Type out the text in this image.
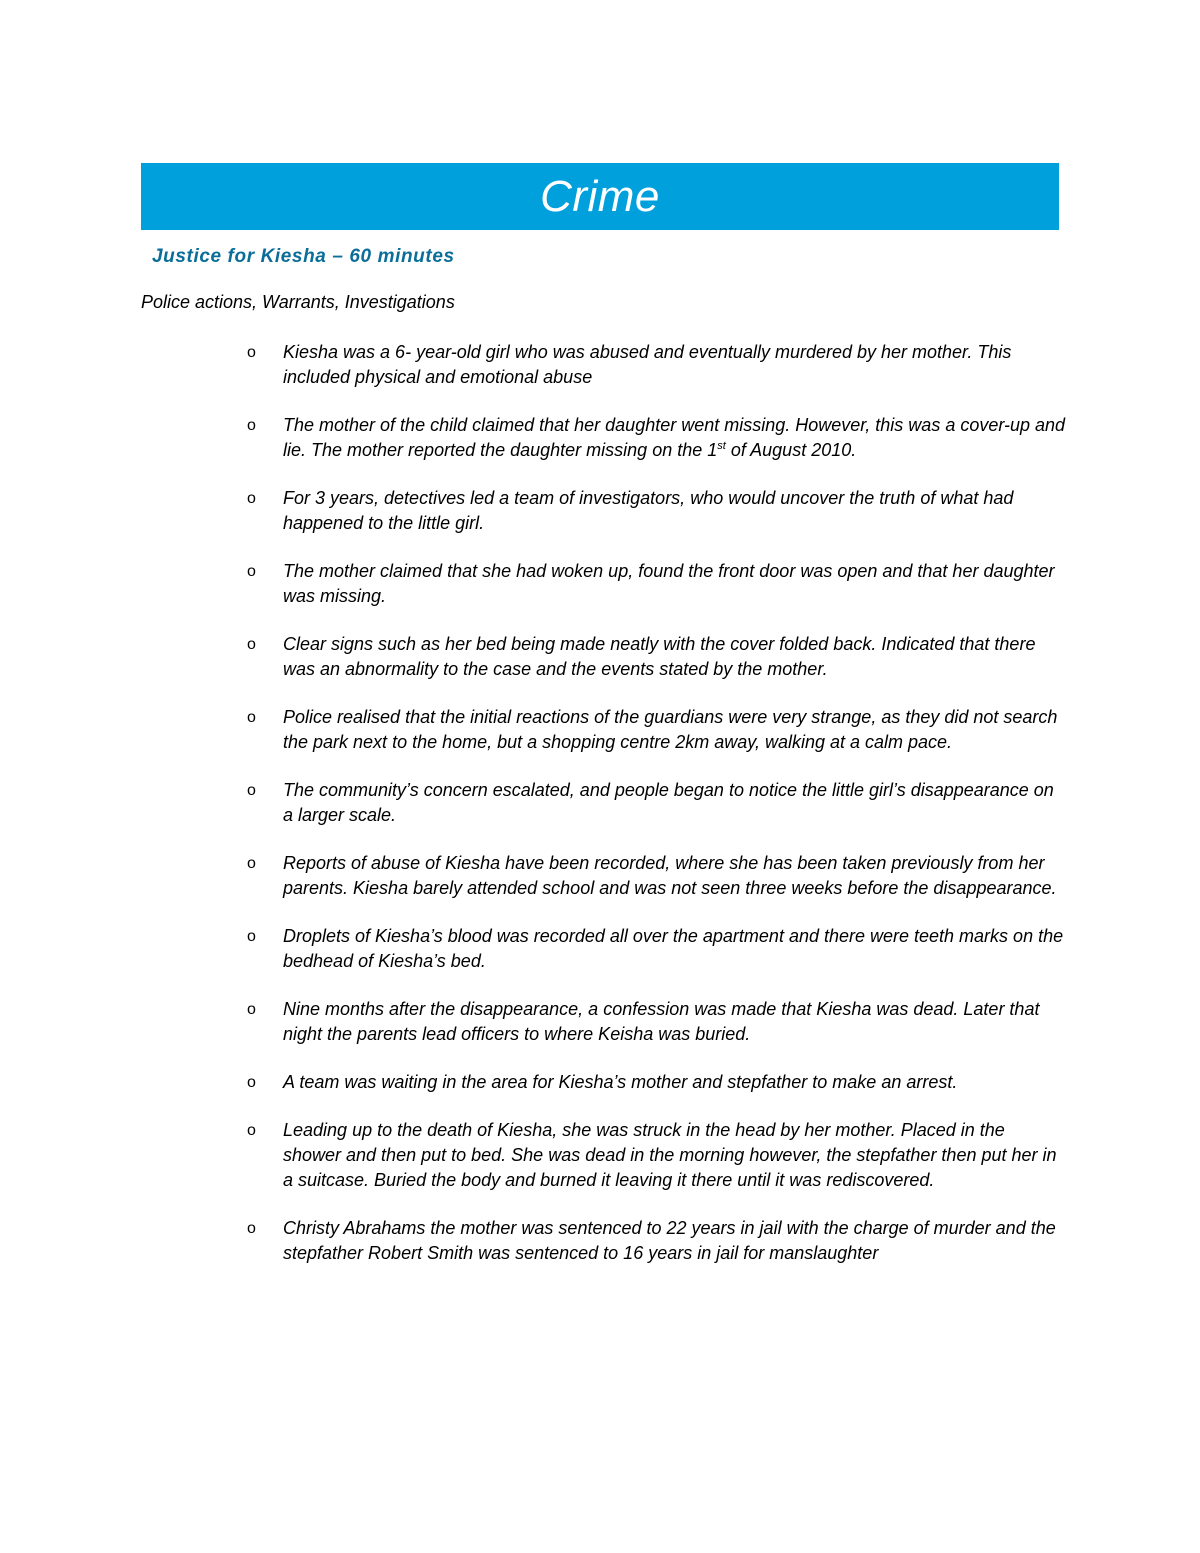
Crime
Justice for Kiesha – 60 minutes
Police actions, Warrants, Investigations
o Kiesha was a 6- year-old girl who was abused and eventually murdered by her mother. This included physical and emotional abuse
o The mother of the child claimed that her daughter went missing. However, this was a cover-up and lie. The mother reported the daughter missing on the 1st of August 2010.
o For 3 years, detectives led a team of investigators, who would uncover the truth of what had happened to the little girl.
o The mother claimed that she had woken up, found the front door was open and that her daughter was missing.
o Clear signs such as her bed being made neatly with the cover folded back. Indicated that there was an abnormality to the case and the events stated by the mother.
o Police realised that the initial reactions of the guardians were very strange, as they did not search the park next to the home, but a shopping centre 2km away, walking at a calm pace.
o The community’s concern escalated, and people began to notice the little girl’s disappearance on a larger scale.
o Reports of abuse of Kiesha have been recorded, where she has been taken previously from her parents. Kiesha barely attended school and was not seen three weeks before the disappearance.
o Droplets of Kiesha’s blood was recorded all over the apartment and there were teeth marks on the bedhead of Kiesha’s bed.
o Nine months after the disappearance, a confession was made that Kiesha was dead. Later that night the parents lead officers to where Keisha was buried.
o A team was waiting in the area for Kiesha’s mother and stepfather to make an arrest.
o Leading up to the death of Kiesha, she was struck in the head by her mother. Placed in the shower and then put to bed. She was dead in the morning however, the stepfather then put her in a suitcase. Buried the body and burned it leaving it there until it was rediscovered.
o Christy Abrahams the mother was sentenced to 22 years in jail with the charge of murder and the stepfather Robert Smith was sentenced to 16 years in jail for manslaughter
